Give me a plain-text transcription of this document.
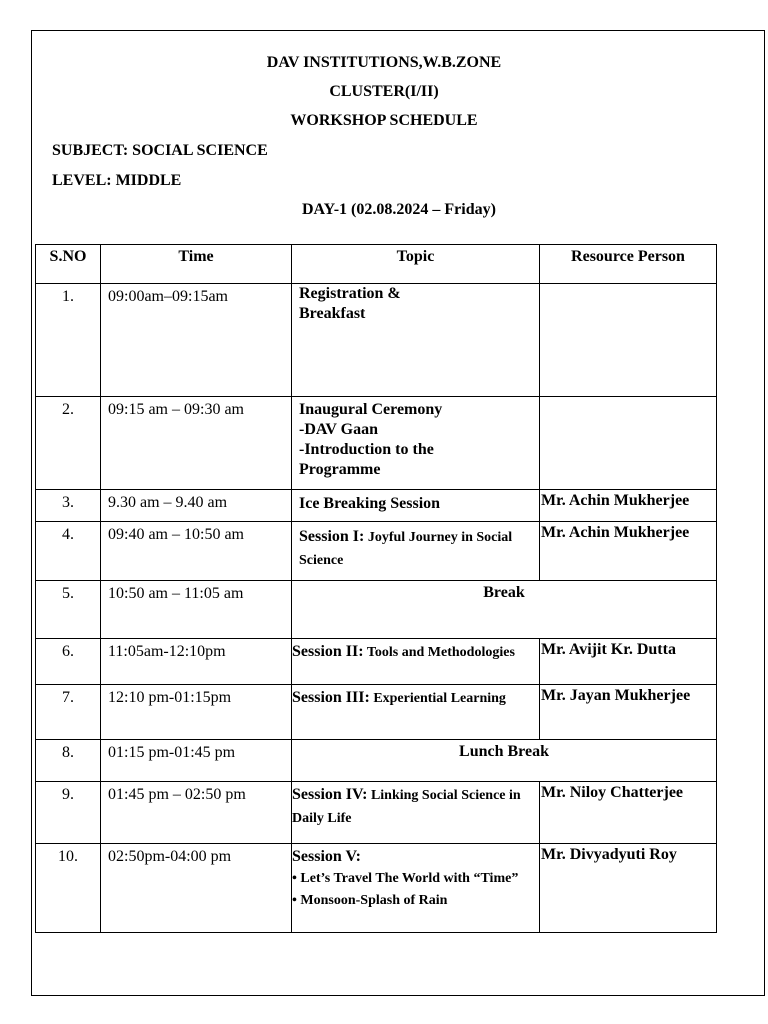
DAV INSTITUTIONS,W.B.ZONE
CLUSTER(I/II)
WORKSHOP SCHEDULE
SUBJECT: SOCIAL SCIENCE
LEVEL: MIDDLE
DAY-1 (02.08.2024 – Friday)
S.NO	Time	Topic	Resource Person
1.	09:00am–09:15am	Registration &
Breakfast	

2.	09:15 am – 09:30 am	Inaugural Ceremony
-DAV Gaan
-Introduction to the
Programme	

3.	9.30 am – 9.40 am	Ice Breaking Session	Mr. Achin Mukherjee
4.	09:40 am – 10:50 am	Session I: Joyful Journey in Social Science	Mr. Achin Mukherjee
5.	10:50 am – 11:05 am	Break	
6.	11:05am-12:10pm	Session II: Tools and Methodologies	Mr. Avijit Kr. Dutta
7.	12:10 pm-01:15pm	Session III: Experiential Learning	Mr. Jayan Mukherjee
8.	01:15 pm-01:45 pm	Lunch Break	
9.	01:45 pm – 02:50 pm	Session IV: Linking Social Science in Daily Life	Mr. Niloy Chatterjee
10.	02:50pm-04:00 pm	Session V:
• Let’s Travel The World with “Time”
• Monsoon-Splash of Rain	Mr. Divyadyuti Roy
